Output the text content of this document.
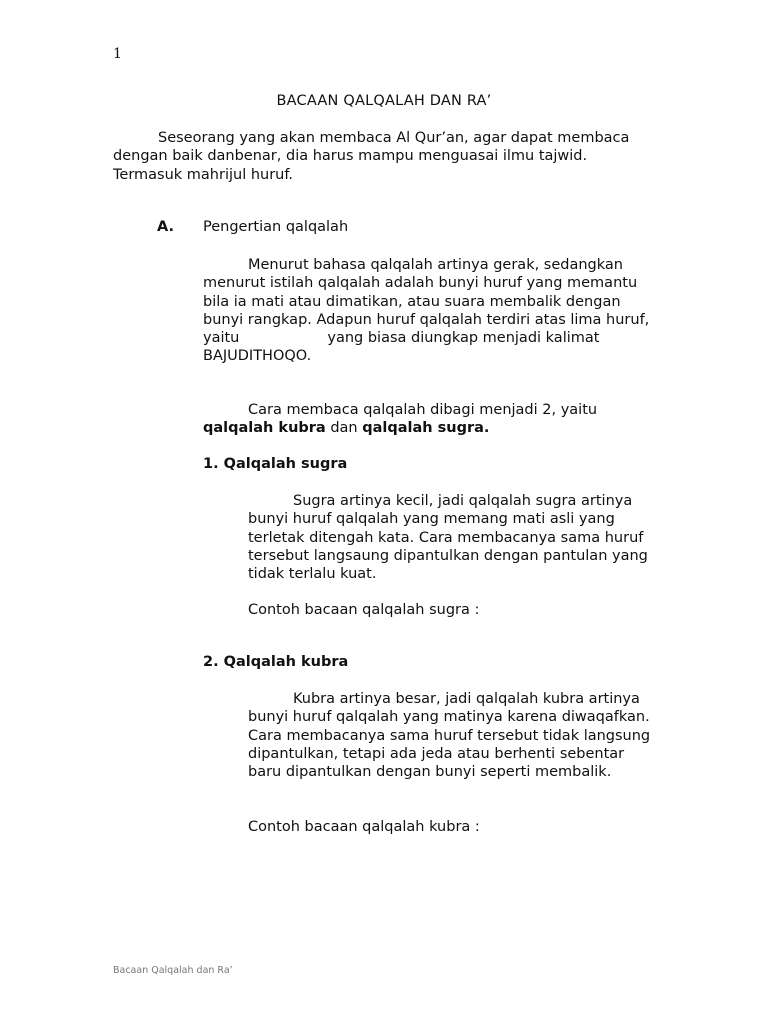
1
BACAAN QALQALAH DAN RA’

Seseorang yang akan membaca Al Qur’an, agar dapat membaca dengan baik danbenar, dia harus mampu menguasai ilmu tajwid. Termasuk mahrijul huruf.

A. Pengertian qalqalah

Menurut bahasa qalqalah artinya gerak, sedangkan menurut istilah qalqalah adalah bunyi huruf yang memantu bila ia mati atau dimatikan, atau suara membalik dengan bunyi rangkap. Adapun huruf qalqalah terdiri atas lima huruf, yaitu	yang biasa diungkap menjadi kalimat BAJUDITHOQO.

Cara membaca qalqalah dibagi menjadi 2, yaitu qalqalah kubra dan qalqalah sugra.

1. Qalqalah sugra

Sugra artinya kecil, jadi qalqalah sugra artinya bunyi huruf qalqalah yang memang mati asli yang terletak ditengah kata. Cara membacanya sama huruf tersebut langsaung dipantulkan dengan pantulan yang tidak terlalu kuat.

Contoh bacaan qalqalah sugra :

2. Qalqalah kubra

Kubra artinya besar, jadi qalqalah kubra artinya bunyi huruf qalqalah yang matinya karena diwaqafkan. Cara membacanya sama huruf tersebut tidak langsung dipantulkan, tetapi ada jeda atau berhenti sebentar baru dipantulkan dengan bunyi seperti membalik.

Contoh bacaan qalqalah kubra :

Bacaan Qalqalah dan Ra’
